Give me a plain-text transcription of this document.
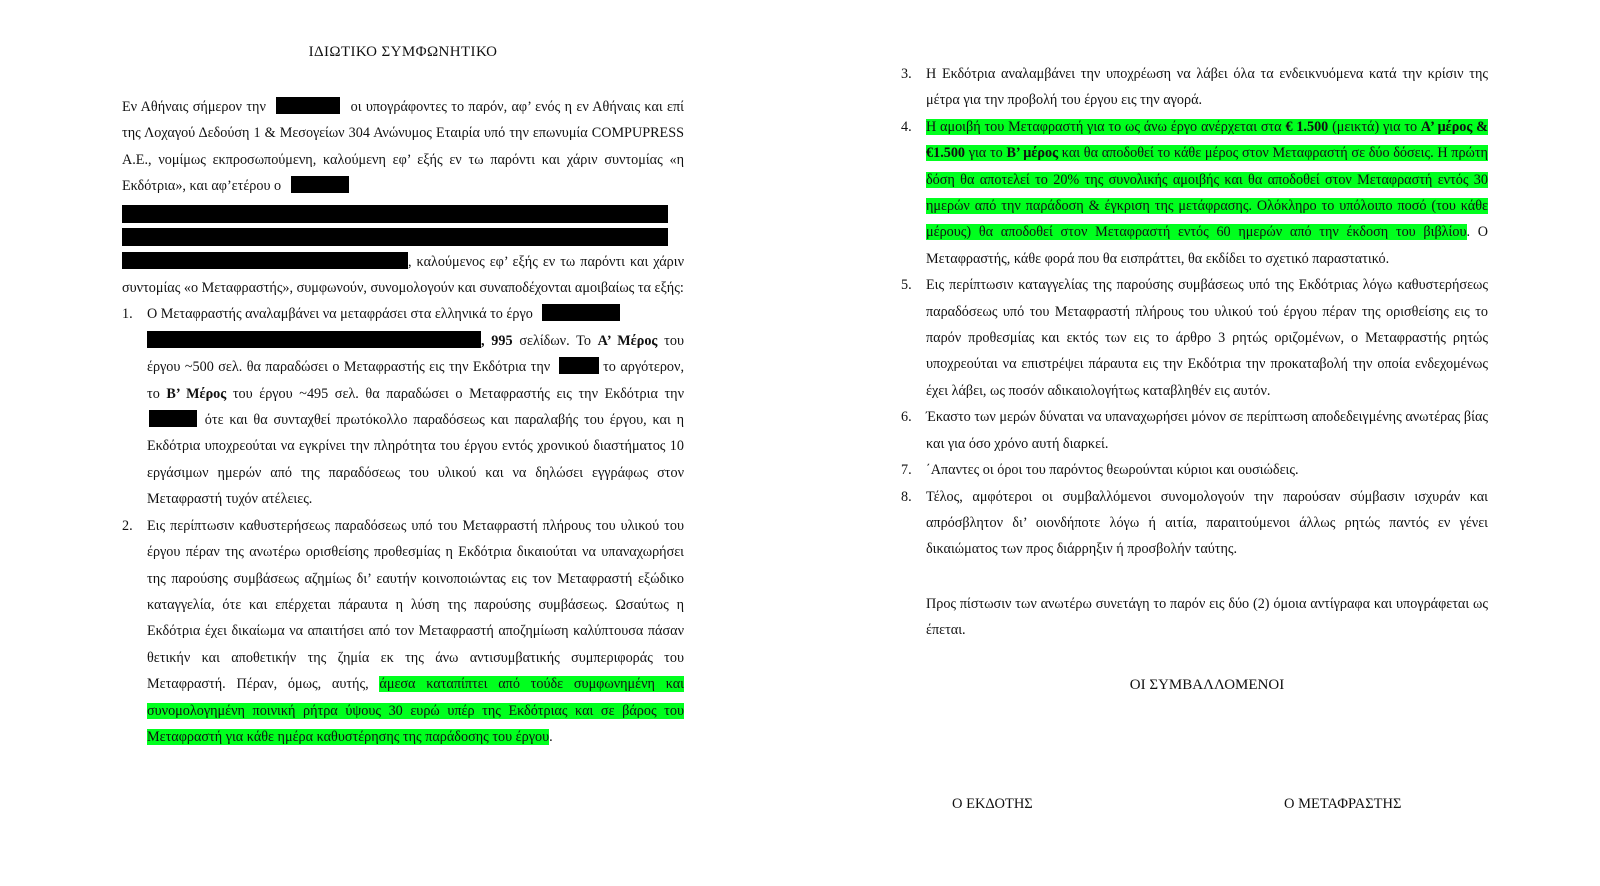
ΙΔΙΩΤΙΚΟ ΣΥΜΦΩΝΗΤΙΚΟ

Εν Αθήναις σήμερον την	οι υπογράφοντες το παρόν, αφ’ ενός η εν Αθήναις και επί της Λοχαγού Δεδούση 1 & Μεσογείων 304 Ανώνυμος Εταιρία υπό την επωνυμία COMPUPRESS Α.Ε., νομίμως εκπροσωπούμενη, καλούμενη εφ’ εξής εν τω παρόντι και χάριν συντομίας «η Εκδότρια», και αφ’ετέρου ο

, καλούμενος εφ’ εξής εν τω παρόντι και χάριν συντομίας «ο Μεταφραστής», συμφωνούν, συνομολογούν και συναποδέχονται αμοιβαίως τα εξής:

1. Ο Μεταφραστής αναλαμβάνει να μεταφράσει στα ελληνικά το έργο
, 995 σελίδων. Το Α’ Μέρος του έργου ~500 σελ. θα παραδώσει ο Μεταφραστής εις την Εκδότρια την	το αργότερον, το Β’ Μέρος του έργου ~495 σελ. θα παραδώσει ο Μεταφραστής εις την Εκδότρια την  ότε και θα συνταχθεί πρωτόκολλο παραδόσεως και παραλαβής του έργου, και η Εκδότρια υποχρεούται να εγκρίνει την πληρότητα του έργου εντός χρονικού διαστήματος 10 εργάσιμων ημερών από της παραδόσεως του υλικού και να δηλώσει εγγράφως στον Μεταφραστή τυχόν ατέλειες.
2. Εις περίπτωσιν καθυστερήσεως παραδόσεως υπό του Μεταφραστή πλήρους του υλικού του έργου πέραν της ανωτέρω ορισθείσης προθεσμίας η Εκδότρια δικαιούται να υπαναχωρήσει της παρούσης συμβάσεως αζημίως δι’ εαυτήν κοινοποιώντας εις τον Μεταφραστή εξώδικο καταγγελία, ότε και επέρχεται πάραυτα η λύση της παρούσης συμβάσεως. Ωσαύτως η Εκδότρια έχει δικαίωμα να απαιτήσει από τον Μεταφραστή αποζημίωση καλύπτουσα πάσαν θετικήν και αποθετικήν της ζημία εκ της άνω αντισυμβατικής συμπεριφοράς του Μεταφραστή. Πέραν, όμως, αυτής, άμεσα καταπίπτει από τούδε συμφωνημένη και συνομολογημένη ποινική ρήτρα ύψους 30 ευρώ υπέρ της Εκδότριας και σε βάρος του Μεταφραστή για κάθε ημέρα καθυστέρησης της παράδοσης του έργου.
3. Η Εκδότρια αναλαμβάνει την υποχρέωση να λάβει όλα τα ενδεικνυόμενα κατά την κρίσιν της μέτρα για την προβολή του έργου εις την αγορά.
4. Η αμοιβή του Μεταφραστή για το ως άνω έργο ανέρχεται στα € 1.500 (μεικτά) για το Α’ μέρος & €1.500 για το Β’ μέρος και θα αποδοθεί το κάθε μέρος στον Μεταφραστή σε δύο δόσεις. Η πρώτη δόση θα αποτελεί το 20% της συνολικής αμοιβής και θα αποδοθεί στον Μεταφραστή εντός 30 ημερών από την παράδοση & έγκριση της μετάφρασης. Ολόκληρο το υπόλοιπο ποσό (του κάθε μέρους) θα αποδοθεί στον Μεταφραστή εντός 60 ημερών από την έκδοση του βιβλίου. Ο Μεταφραστής, κάθε φορά που θα εισπράττει, θα εκδίδει το σχετικό παραστατικό.
5. Εις περίπτωσιν καταγγελίας της παρούσης συμβάσεως υπό της Εκδότριας λόγω καθυστερήσεως παραδόσεως υπό του Μεταφραστή πλήρους του υλικού τού έργου πέραν της ορισθείσης εις το παρόν προθεσμίας και εκτός των εις το άρθρο 3 ρητώς οριζομένων, ο Μεταφραστής ρητώς υποχρεούται να επιστρέψει πάραυτα εις την Εκδότρια την προκαταβολή την οποία ενδεχομένως έχει λάβει, ως ποσόν αδικαιολογήτως καταβληθέν εις αυτόν.
6. Έκαστο των μερών δύναται να υπαναχωρήσει μόνον σε περίπτωση αποδεδειγμένης ανωτέρας βίας και για όσο χρόνο αυτή διαρκεί.
7. ΄Απαντες οι όροι του παρόντος θεωρούνται κύριοι και ουσιώδεις.
8. Τέλος, αμφότεροι οι συμβαλλόμενοι συνομολογούν την παρούσαν σύμβασιν ισχυράν και απρόσβλητον δι’ οιονδήποτε λόγω ή αιτία, παραιτούμενοι άλλως ρητώς παντός εν γένει δικαιώματος των προς διάρρηξιν ή προσβολήν ταύτης.

Προς πίστωσιν των ανωτέρω συνετάγη το παρόν εις δύο (2) όμοια αντίγραφα και υπογράφεται ως έπεται.

ΟΙ ΣΥΜΒΑΛΛΟΜΕΝΟΙ

Ο ΕΚΔΟΤΗΣ	Ο ΜΕΤΑΦΡΑΣΤΗΣ
